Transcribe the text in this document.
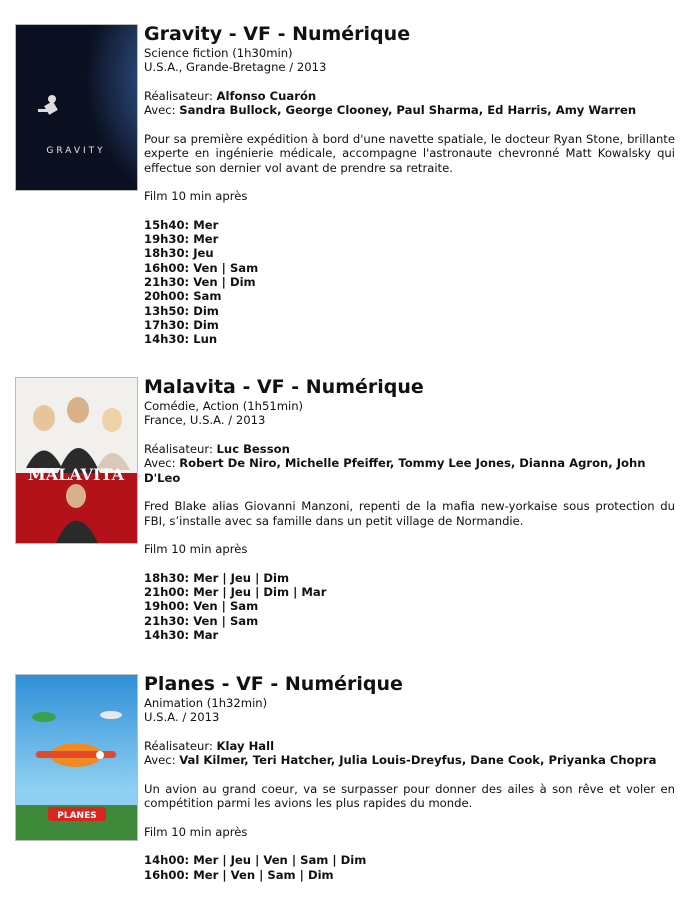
GRAVITY
Gravity - VF - Numérique

Science fiction (1h30min)

U.S.A., Grande-Bretagne / 2013

Réalisateur: Alfonso Cuarón

Avec: Sandra Bullock, George Clooney, Paul Sharma, Ed Harris, Amy Warren

Pour sa première expédition à bord d'une navette spatiale, le docteur Ryan Stone, brillante experte en ingénierie médicale, accompagne l'astronaute chevronné Matt Kowalsky qui effectue son dernier vol avant de prendre sa retraite.

Film 10 min après

15h40: Mer
19h30: Mer
18h30: Jeu
16h00: Ven | Sam
21h30: Ven | Dim
20h00: Sam
13h50: Dim
17h30: Dim
14h30: Lun
MALAVITA
Malavita - VF - Numérique

Comédie, Action (1h51min)

France, U.S.A. / 2013

Réalisateur: Luc Besson

Avec: Robert De Niro, Michelle Pfeiffer, Tommy Lee Jones, Dianna Agron, John D'Leo

Fred Blake alias Giovanni Manzoni, repenti de la mafia new-yorkaise sous protection du FBI, s’installe avec sa famille dans un petit village de Normandie.

Film 10 min après

18h30: Mer | Jeu | Dim
21h00: Mer | Jeu | Dim | Mar
19h00: Ven | Sam
21h30: Ven | Sam
14h30: Mar
PLANES
Planes - VF - Numérique

Animation (1h32min)

U.S.A. / 2013

Réalisateur: Klay Hall

Avec: Val Kilmer, Teri Hatcher, Julia Louis-Dreyfus, Dane Cook, Priyanka Chopra

Un avion au grand coeur, va se surpasser pour donner des ailes à son rêve et voler en compétition parmi les avions les plus rapides du monde.

Film 10 min après

14h00: Mer | Jeu | Ven | Sam | Dim
16h00: Mer | Ven | Sam | Dim
